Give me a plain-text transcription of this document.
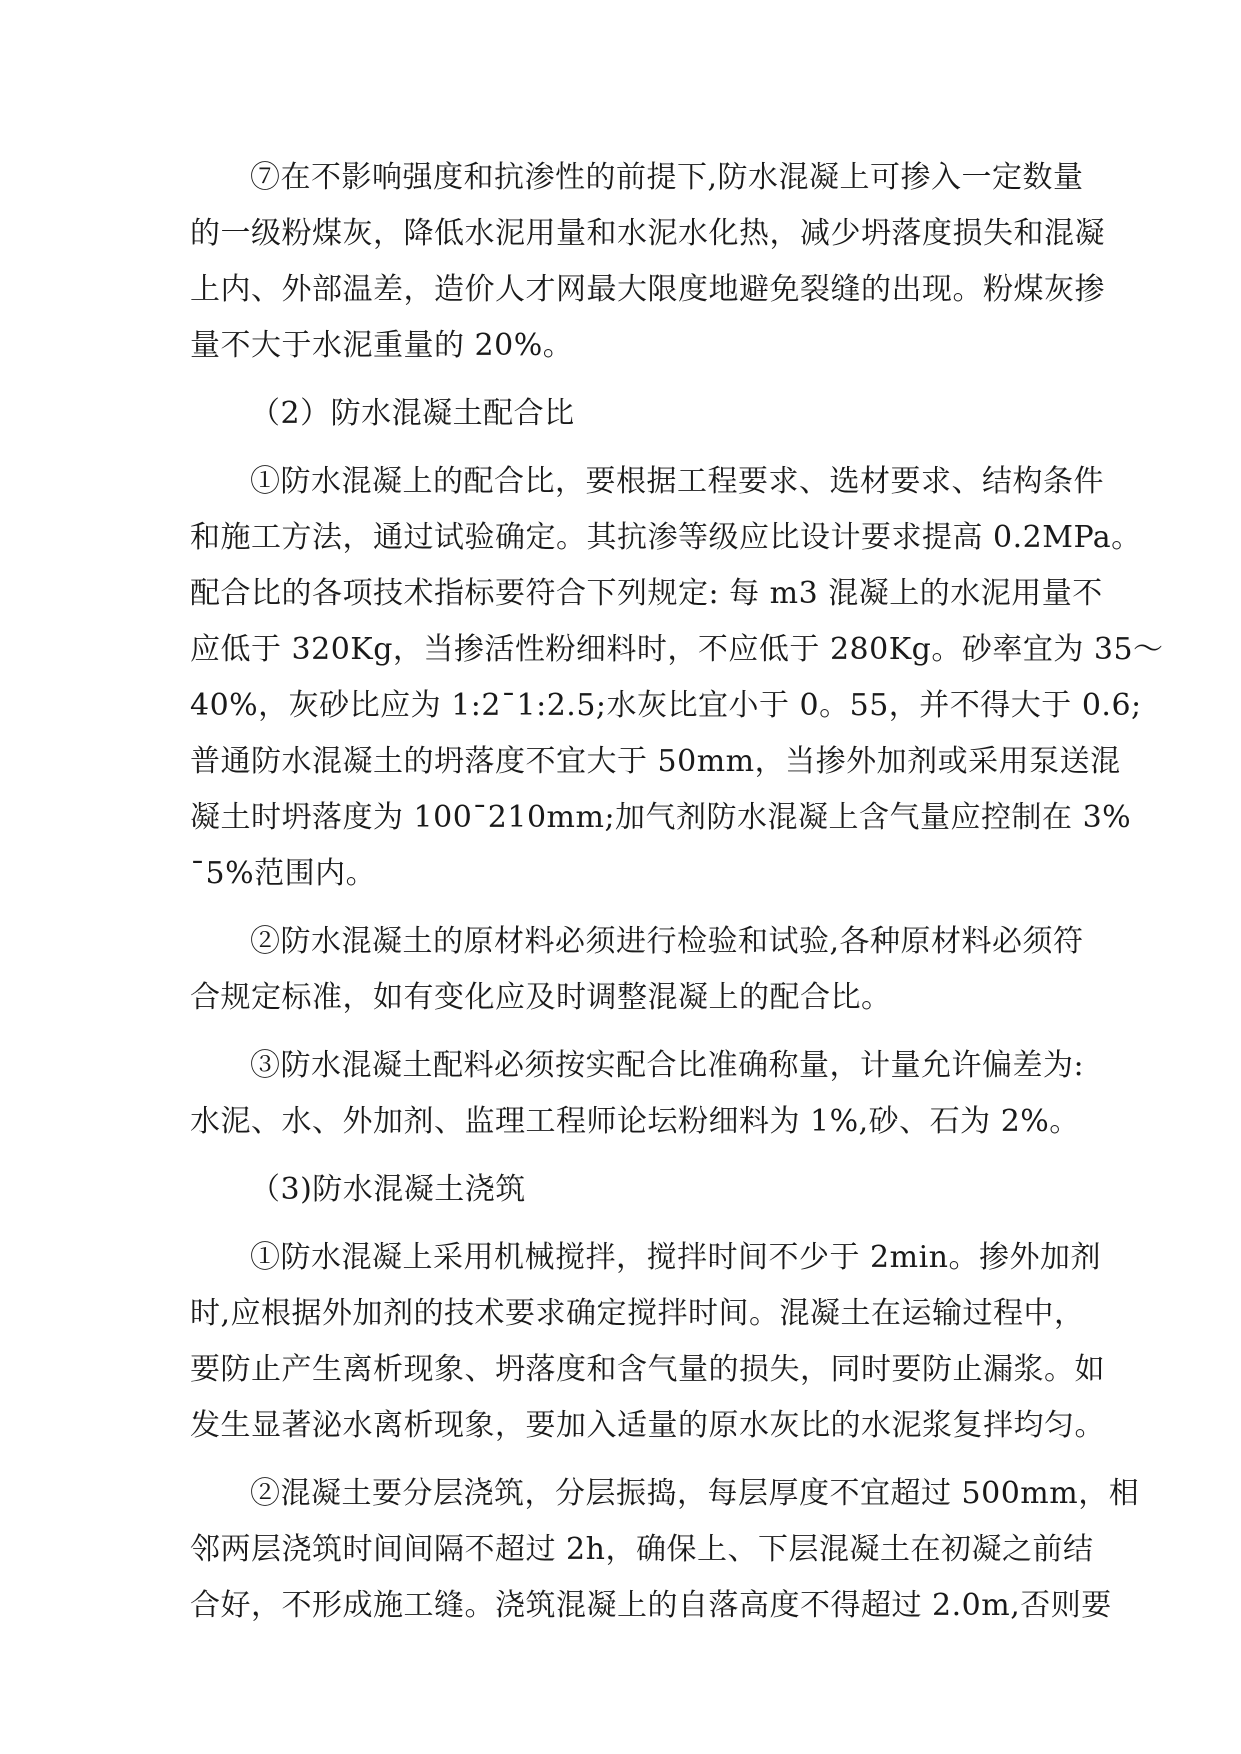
⑦在不影响强度和抗渗性的前提下,防水混凝上可掺入一定数量
的一级粉煤灰，降低水泥用量和水泥水化热，减少坍落度损失和混凝
上内、外部温差，造价人才网最大限度地避免裂缝的出现。粉煤灰掺
量不大于水泥重量的 20%。

（2）防水混凝土配合比

①防水混凝上的配合比，要根据工程要求、选材要求、结构条件
和施工方法，通过试验确定。其抗渗等级应比设计要求提高 0.2MPa。
配合比的各项技术指标要符合下列规定: 每 m3 混凝上的水泥用量不
应低于 320Kg，当掺活性粉细料时，不应低于 280Kg。砂率宜为 35～
40%，灰砂比应为 1:2¯1:2.5;水灰比宜小于 0。55，并不得大于 0.6;
普通防水混凝土的坍落度不宜大于 50mm，当掺外加剂或采用泵送混
凝土时坍落度为 100¯210mm;加气剂防水混凝上含气量应控制在 3%
¯5%范围内。

②防水混凝土的原材料必须进行检验和试验,各种原材料必须符
合规定标准，如有变化应及时调整混凝上的配合比。

③防水混凝土配料必须按实配合比准确称量，计量允许偏差为:
水泥、水、外加剂、监理工程师论坛粉细料为 1%,砂、石为 2%。

（3)防水混凝土浇筑

①防水混凝上采用机械搅拌，搅拌时间不少于 2min。掺外加剂
时,应根据外加剂的技术要求确定搅拌时间。混凝土在运输过程中，
要防止产生离析现象、坍落度和含气量的损失，同时要防止漏浆。如
发生显著泌水离析现象，要加入适量的原水灰比的水泥浆复拌均匀。

②混凝土要分层浇筑，分层振捣，每层厚度不宜超过 500mm，相
邻两层浇筑时间间隔不超过 2h，确保上、下层混凝土在初凝之前结
合好，不形成施工缝。浇筑混凝上的自落高度不得超过 2.0m,否则要
